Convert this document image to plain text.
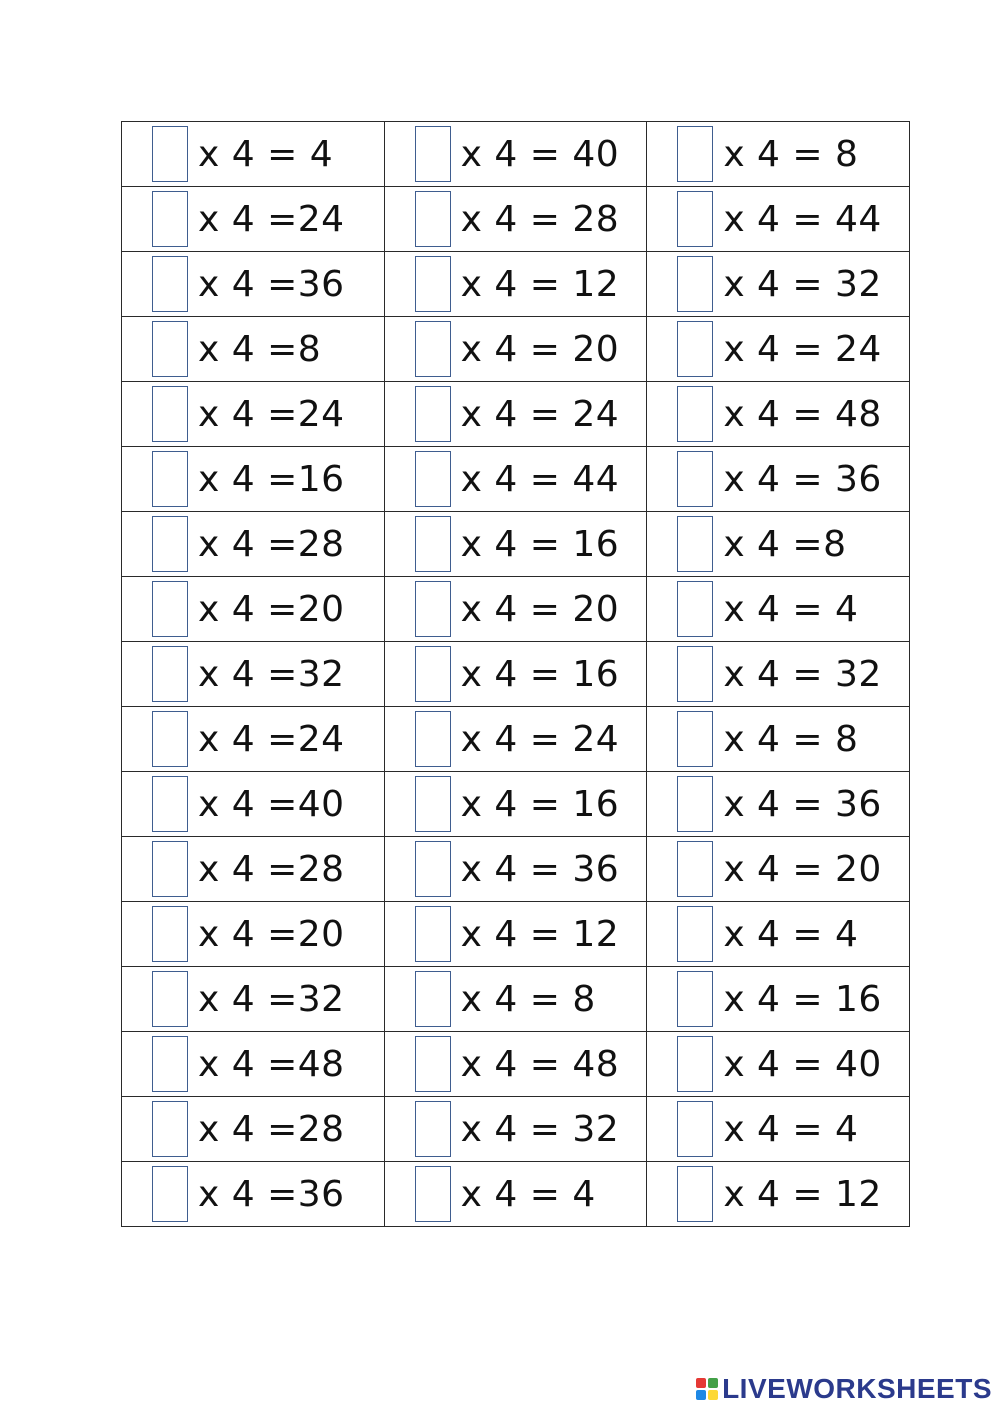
x 4 = 4	x 4 = 40	x 4 = 8

x 4 =24	x 4 = 28	x 4 = 44

x 4 =36	x 4 = 12	x 4 = 32

x 4 =8	x 4 = 20	x 4 = 24

x 4 =24	x 4 = 24	x 4 = 48

x 4 =16	x 4 = 44	x 4 = 36

x 4 =28	x 4 = 16	x 4 =8

x 4 =20	x 4 = 20	x 4 = 4

x 4 =32	x 4 = 16	x 4 = 32

x 4 =24	x 4 = 24	x 4 = 8

x 4 =40	x 4 = 16	x 4 = 36

x 4 =28	x 4 = 36	x 4 = 20

x 4 =20	x 4 = 12	x 4 = 4

x 4 =32	x 4 = 8	x 4 = 16

x 4 =48	x 4 = 48	x 4 = 40

x 4 =28	x 4 = 32	x 4 = 4

x 4 =36	x 4 = 4	x 4 = 12
LIVEWORKSHEETS
